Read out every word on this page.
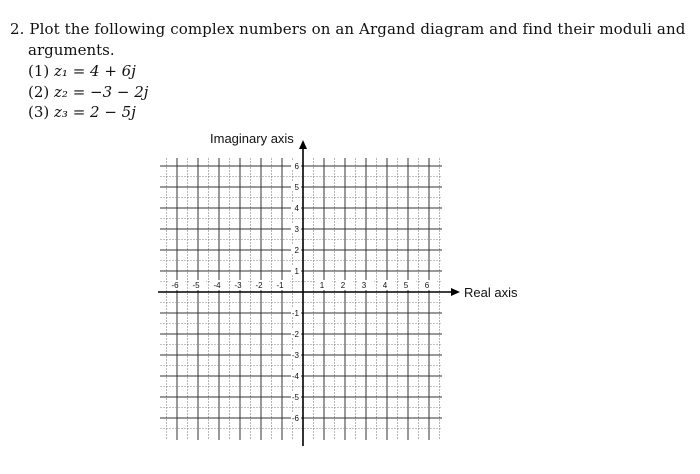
2. Plot the following complex numbers on an Argand diagram and find their moduli and
arguments.
(1) z₁ = 4 + 6j
(2) z₂ = −3 − 2j
(3) z₃ = 2 − 5j
-6 -5 -4 -3 -2 -1	1 2 3 4 5 6
6
5
4
3
2
1
-1
-2
-3
-4
-5
-6
Imaginary axis
Real axis
